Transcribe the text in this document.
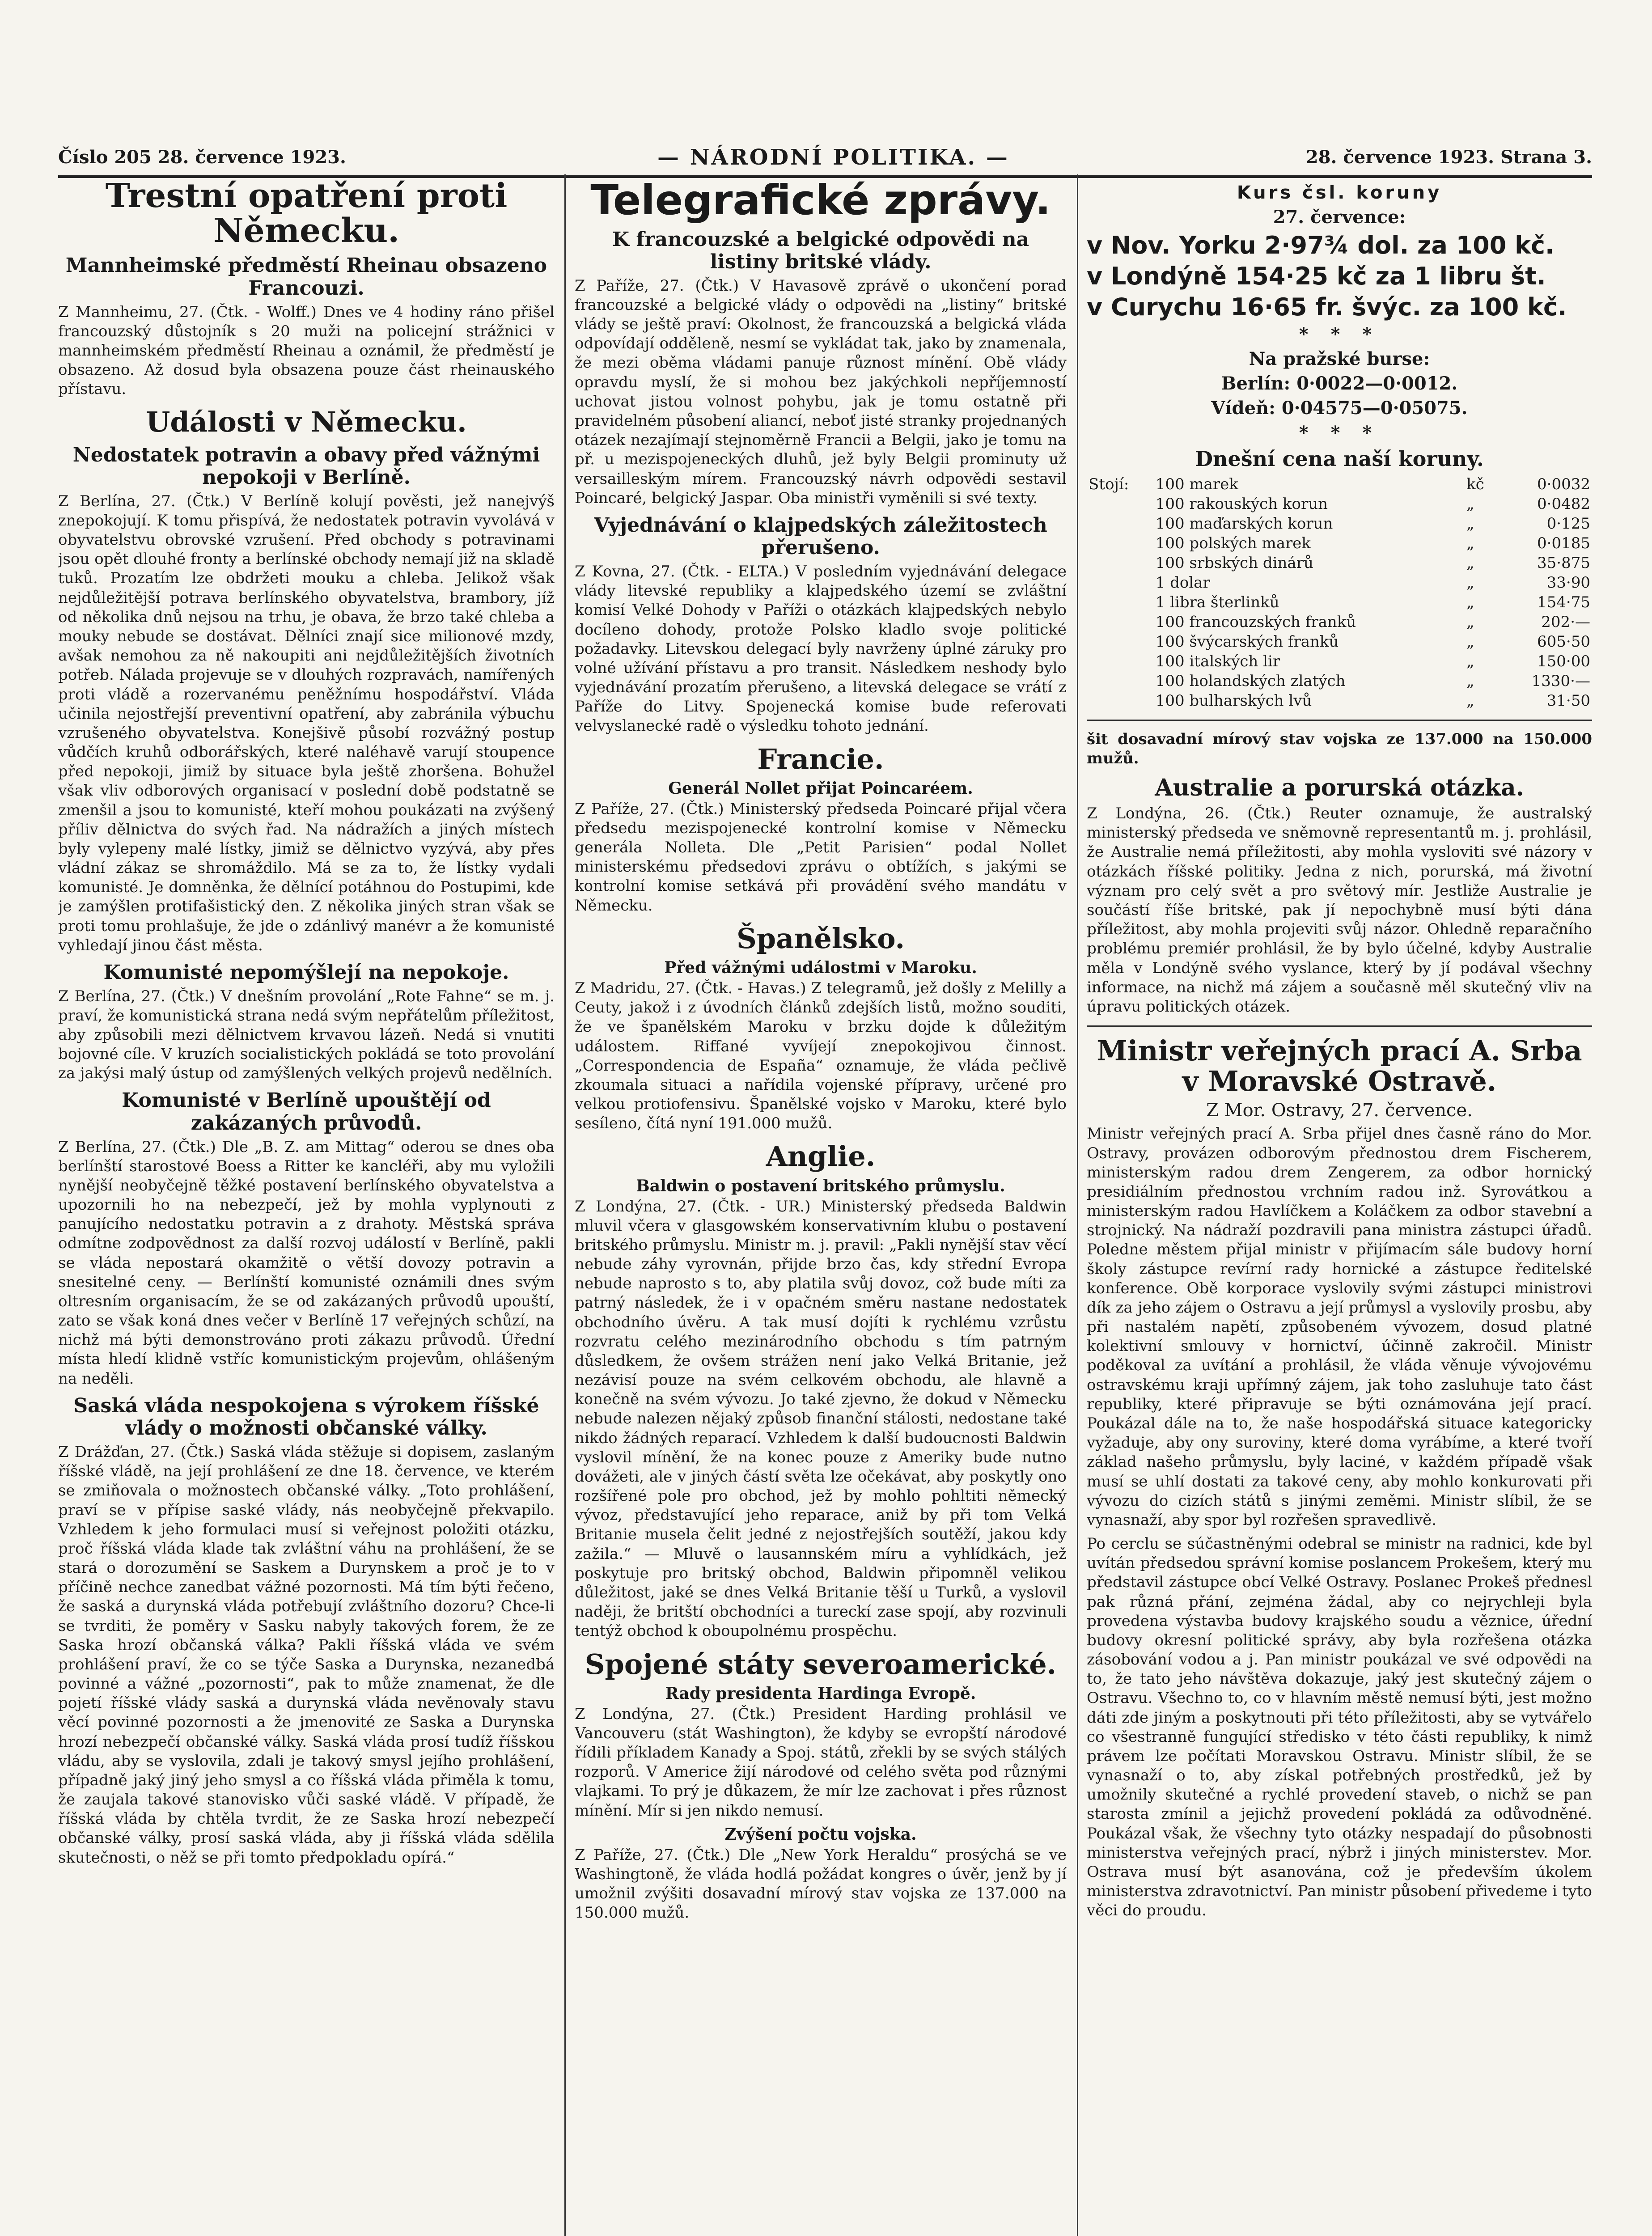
Číslo 205 28. července 1923.	— NÁRODNÍ POLITIKA. —	28. července 1923. Strana 3.
Trestní opatření proti Německu.
Mannheimské předměstí Rheinau obsazeno Francouzi.

Z Mannheimu, 27. (Čtk. - Wolff.) Dnes ve 4 hodiny ráno přišel francouzský důstojník s 20 muži na policejní strážnici v mannheimském předměstí Rheinau a oznámil, že předměstí je obsazeno. Až dosud byla obsazena pouze část rheinauského přístavu.

Události v Německu.
Nedostatek potravin a obavy před vážnými nepokoji v Berlíně.

Z Berlína, 27. (Čtk.) V Berlíně kolují pověsti, jež nanejvýš znepokojují. K tomu přispívá, že nedostatek potravin vyvolává v obyvatelstvu obrovské vzrušení. Před obchody s potravinami jsou opět dlouhé fronty a berlínské obchody nemají již na skladě tuků. Prozatím lze obdržeti mouku a chleba. Jelikož však nejdůležitější potrava berlínského obyvatelstva, brambory, jíž od několika dnů nejsou na trhu, je obava, že brzo také chleba a mouky nebude se dostávat. Dělníci znají sice milionové mzdy, avšak nemohou za ně nakoupiti ani nejdůležitějších životních potřeb. Nálada projevuje se v dlouhých rozpravách, namířených proti vládě a rozervanému peněžnímu hospodářství. Vláda učinila nejostřejší preventivní opatření, aby zabránila výbuchu vzrušeného obyvatelstva. Konejšivě působí rozvážný postup vůdčích kruhů odborářských, které naléhavě varují stoupence před nepokoji, jimiž by situace byla ještě zhoršena. Bohužel však vliv odborových organisací v poslední době podstatně se zmenšil a jsou to komunisté, kteří mohou poukázati na zvýšený příliv dělnictva do svých řad. Na nádražích a jiných místech byly vylepeny malé lístky, jimiž se dělnictvo vyzývá, aby přes vládní zákaz se shromáždilo. Má se za to, že lístky vydali komunisté. Je domněnka, že dělnící potáhnou do Postupimi, kde je zamýšlen protifašistický den. Z několika jiných stran však se proti tomu prohlašuje, že jde o zdánlivý manévr a že komunisté vyhledají jinou část města.

Komunisté nepomýšlejí na nepokoje.

Z Berlína, 27. (Čtk.) V dnešním provolání „Rote Fahne“ se m. j. praví, že komunistická strana nedá svým nepřátelům příležitost, aby způsobili mezi dělnictvem krvavou lázeň. Nedá si vnutiti bojovné cíle. V kruzích socialistických pokládá se toto provolání za jakýsi malý ústup od zamýšlených velkých projevů nedělních.

Komunisté v Berlíně upouštějí od zakázaných průvodů.

Z Berlína, 27. (Čtk.) Dle „B. Z. am Mittag“ oderou se dnes oba berlínští starostové Boess a Ritter ke kancléři, aby mu vyložili nynější neobyčejně těžké postavení berlínského obyvatelstva a upozornili ho na nebezpečí, jež by mohla vyplynouti z panujícího nedostatku potravin a z drahoty. Městská správa odmítne zodpovědnost za další rozvoj událostí v Berlíně, pakli se vláda nepostará okamžitě o větší dovozy potravin a snesitelné ceny. — Berlínští komunisté oznámili dnes svým oltresním organisacím, že se od zakázaných průvodů upouští, zato se však koná dnes večer v Berlíně 17 veřejných schůzí, na nichž má býti demonstrováno proti zákazu průvodů. Úřední místa hledí klidně vstříc komunistickým projevům, ohlášeným na neděli.

Saská vláda nespokojena s výrokem říšské vlády o možnosti občanské války.

Z Drážďan, 27. (Čtk.) Saská vláda stěžuje si dopisem, zaslaným říšské vládě, na její prohlášení ze dne 18. července, ve kterém se zmiňovala o možnostech občanské války. „Toto prohlášení, praví se v přípise saské vlády, nás neobyčejně překvapilo. Vzhledem k jeho formulaci musí si veřejnost položiti otázku, proč říšská vláda klade tak zvláštní váhu na prohlášení, že se stará o dorozumění se Saskem a Durynskem a proč je to v příčině nechce zanedbat vážné pozornosti. Má tím býti řečeno, že saská a durynská vláda potřebují zvláštního dozoru? Chce-li se tvrditi, že poměry v Sasku nabyly takových forem, že ze Saska hrozí občanská válka? Pakli říšská vláda ve svém prohlášení praví, že co se týče Saska a Durynska, nezanedbá povinné a vážné „pozornosti“, pak to může znamenat, že dle pojetí říšské vlády saská a durynská vláda nevěnovaly stavu věcí povinné pozornosti a že jmenovité ze Saska a Durynska hrozí nebezpečí občanské války. Saská vláda prosí tudíž říšskou vládu, aby se vyslovila, zdali je takový smysl jejího prohlášení, případně jaký jiný jeho smysl a co říšská vláda přiměla k tomu, že zaujala takové stanovisko vůči saské vládě. V případě, že říšská vláda by chtěla tvrdit, že ze Saska hrozí nebezpečí občanské války, prosí saská vláda, aby ji říšská vláda sdělila skutečnosti, o něž se při tomto předpokladu opírá.“

Telegrafické zprávy.
K francouzské a belgické odpovědi na listiny britské vlády.

Z Paříže, 27. (Čtk.) V Havasově zprávě o ukončení porad francouzské a belgické vlády o odpovědi na „listiny“ britské vlády se ještě praví: Okolnost, že francouzská a belgická vláda odpovídají odděleně, nesmí se vykládat tak, jako by znamenala, že mezi oběma vládami panuje různost mínění. Obě vlády opravdu myslí, že si mohou bez jakýchkoli nepříjemností uchovat jistou volnost pohybu, jak je tomu ostatně při pravidelném působení aliancí, neboť jisté stranky projednaných otázek nezajímají stejnoměrně Francii a Belgii, jako je tomu na př. u mezispojeneckých dluhů, jež byly Belgii prominuty už versailleským mírem. Francouzský návrh odpovědi sestavil Poincaré, belgický Jaspar. Oba ministři vyměnili si své texty.

Vyjednávání o klajpedských záležitostech přerušeno.

Z Kovna, 27. (Čtk. - ELTA.) V posledním vyjednávání delegace vlády litevské republiky a klajpedského území se zvláštní komisí Velké Dohody v Paříži o otázkách klajpedských nebylo docíleno dohody, protože Polsko kladlo svoje politické požadavky. Litevskou delegací byly navrženy úplné záruky pro volné užívání přístavu a pro transit. Následkem neshody bylo vyjednávání prozatím přerušeno, a litevská delegace se vrátí z Paříže do Litvy. Spojenecká komise bude referovati velvyslanecké radě o výsledku tohoto jednání.

Francie.
Generál Nollet přijat Poincaréem.

Z Paříže, 27. (Čtk.) Ministerský předseda Poincaré přijal včera předsedu mezispojenecké kontrolní komise v Německu generála Nolleta. Dle „Petit Parisien“ podal Nollet ministerskému předsedovi zprávu o obtížích, s jakými se kontrolní komise setkává při provádění svého mandátu v Německu.

Španělsko.
Před vážnými událostmi v Maroku.

Z Madridu, 27. (Čtk. - Havas.) Z telegramů, jež došly z Melilly a Ceuty, jakož i z úvodních článků zdejších listů, možno souditi, že ve španělském Maroku v brzku dojde k důležitým událostem. Riffané vyvíjejí znepokojivou činnost. „Correspondencia de España“ oznamuje, že vláda pečlivě zkoumala situaci a nařídila vojenské přípravy, určené pro velkou protiofensivu. Španělské vojsko v Maroku, které bylo sesíleno, čítá nyní 191.000 mužů.

Anglie.
Baldwin o postavení britského průmyslu.

Z Londýna, 27. (Čtk. - UR.) Ministerský předseda Baldwin mluvil včera v glasgowském konservativním klubu o postavení britského průmyslu. Ministr m. j. pravil: „Pakli nynější stav věcí nebude záhy vyrovnán, přijde brzo čas, kdy střední Evropa nebude naprosto s to, aby platila svůj dovoz, což bude míti za patrný následek, že i v opačném směru nastane nedostatek obchodního úvěru. A tak musí dojíti k rychlému vzrůstu rozvratu celého mezinárodního obchodu s tím patrným důsledkem, že ovšem strážen není jako Velká Britanie, jež nezávisí pouze na svém celkovém obchodu, ale hlavně a konečně na svém vývozu. Jo také zjevno, že dokud v Německu nebude nalezen nějaký způsob finanční stálosti, nedostane také nikdo žádných reparací. Vzhledem k další budoucnosti Baldwin vyslovil mínění, že na konec pouze z Ameriky bude nutno dovážeti, ale v jiných částí světa lze očekávat, aby poskytly ono rozšířené pole pro obchod, jež by mohlo pohltiti německý vývoz, představující jeho reparace, aniž by při tom Velká Britanie musela čelit jedné z nejostřejších soutěží, jakou kdy zažila.“ — Mluvě o lausannském míru a vyhlídkách, jež poskytuje pro britský obchod, Baldwin připomněl velikou důležitost, jaké se dnes Velká Britanie těší u Turků, a vyslovil naději, že britští obchodníci a tureckí zase spojí, aby rozvinuli tentýž obchod k oboupolnému prospěchu.

Spojené státy severoamerické.
Rady presidenta Hardinga Evropě.

Z Londýna, 27. (Čtk.) President Harding prohlásil ve Vancouveru (stát Washington), že kdyby se evropští národové řídili příkladem Kanady a Spoj. států, zřekli by se svých stálých rozporů. V Americe žijí národové od celého světa pod různými vlajkami. To prý je důkazem, že mír lze zachovat i přes různost mínění. Mír si jen nikdo nemusí.

Zvýšení počtu vojska.

Z Paříže, 27. (Čtk.) Dle „New York Heraldu“ prosýchá se ve Washingtoně, že vláda hodlá požádat kongres o úvěr, jenž by jí umožnil zvýšiti dosavadní mírový stav vojska ze 137.000 na 150.000 mužů.

Kurs čsl. koruny
27. července:
v Nov. Yorku 2·97¾ dol. za 100 kč.
v Londýně 154·25 kč za 1 libru št.
v Curychu 16·65 fr. švýc. za 100 kč.
* * *
Na pražské burse:
Berlín: 0·0022—0·0012.
Vídeň: 0·04575—0·05075.
* * *
Dnešní cena naší koruny.
Stojí:	100 marek	kč	0·0032
	100 rakouských korun	„	0·0482
	100 maďarských korun	„	0·125
	100 polských marek	„	0·0185
	100 srbských dinárů	„	35·875
	1 dolar	„	33·90
	1 libra šterlinků	„	154·75
	100 francouzských franků	„	202·—
	100 švýcarských franků	„	605·50
	100 italských lir	„	150·00
	100 holandských zlatých	„	1330·—
	100 bulharských lvů	„	31·50

šit dosavadní mírový stav vojska ze 137.000 na 150.000 mužů.

Australie a porurská otázka.

Z Londýna, 26. (Čtk.) Reuter oznamuje, že australský ministerský předseda ve sněmovně representantů m. j. prohlásil, že Australie nemá příležitosti, aby mohla vysloviti své názory v otázkách říšské politiky. Jedna z nich, porurská, má životní význam pro celý svět a pro světový mír. Jestliže Australie je součástí říše britské, pak jí nepochybně musí býti dána příležitost, aby mohla projeviti svůj názor. Ohledně reparačního problému premiér prohlásil, že by bylo účelné, kdyby Australie měla v Londýně svého vyslance, který by jí podával všechny informace, na nichž má zájem a současně měl skutečný vliv na úpravu politických otázek.

Ministr veřejných prací A. Srba v Moravské Ostravě.
Z Mor. Ostravy, 27. července.

Ministr veřejných prací A. Srba přijel dnes časně ráno do Mor. Ostravy, provázen odborovým přednostou drem Fischerem, ministerským radou drem Zengerem, za odbor hornický presidiálním přednostou vrchním radou inž. Syrovátkou a ministerským radou Havlíčkem a Koláčkem za odbor stavební a strojnický. Na nádraží pozdravili pana ministra zástupci úřadů. Poledne městem přijal ministr v přijímacím sále budovy horní školy zástupce revírní rady hornické a zástupce ředitelské konference. Obě korporace vyslovily svými zástupci ministrovi dík za jeho zájem o Ostravu a její průmysl a vyslovily prosbu, aby při nastalém napětí, způsobeném vývozem, dosud platné kolektivní smlouvy v hornictví, účinně zakročil. Ministr poděkoval za uvítání a prohlásil, že vláda věnuje vývojovému ostravskému kraji upřímný zájem, jak toho zasluhuje tato část republiky, které připravuje se býti oznámována její prací. Poukázal dále na to, že naše hospodářská situace kategoricky vyžaduje, aby ony suroviny, které doma vyrábíme, a které tvoří základ našeho průmyslu, byly laciné, v každém případě však musí se uhlí dostati za takové ceny, aby mohlo konkurovati při vývozu do cizích států s jinými zeměmi. Ministr slíbil, že se vynasnaží, aby spor byl rozřešen spravedlivě.

Po cerclu se súčastněnými odebral se ministr na radnici, kde byl uvítán předsedou správní komise poslancem Prokešem, který mu představil zástupce obcí Velké Ostravy. Poslanec Prokeš přednesl pak různá přání, zejména žádal, aby co nejrychleji byla provedena výstavba budovy krajského soudu a věznice, úřední budovy okresní politické správy, aby byla rozřešena otázka zásobování vodou a j. Pan ministr poukázal ve své odpovědi na to, že tato jeho návštěva dokazuje, jaký jest skutečný zájem o Ostravu. Všechno to, co v hlavním městě nemusí býti, jest možno dáti zde jiným a poskytnouti při této příležitosti, aby se vytvářelo co všestranně fungující středisko v této části republiky, k nimž právem lze počítati Moravskou Ostravu. Ministr slíbil, že se vynasnaží o to, aby získal potřebných prostředků, jež by umožnily skutečné a rychlé provedení staveb, o nichž se pan starosta zmínil a jejichž provedení pokládá za odůvodněné. Poukázal však, že všechny tyto otázky nespadají do působnosti ministerstva veřejných prací, nýbrž i jiných ministerstev. Mor. Ostrava musí být asanována, což je především úkolem ministerstva zdravotnictví. Pan ministr působení přivedeme i tyto věci do proudu.
